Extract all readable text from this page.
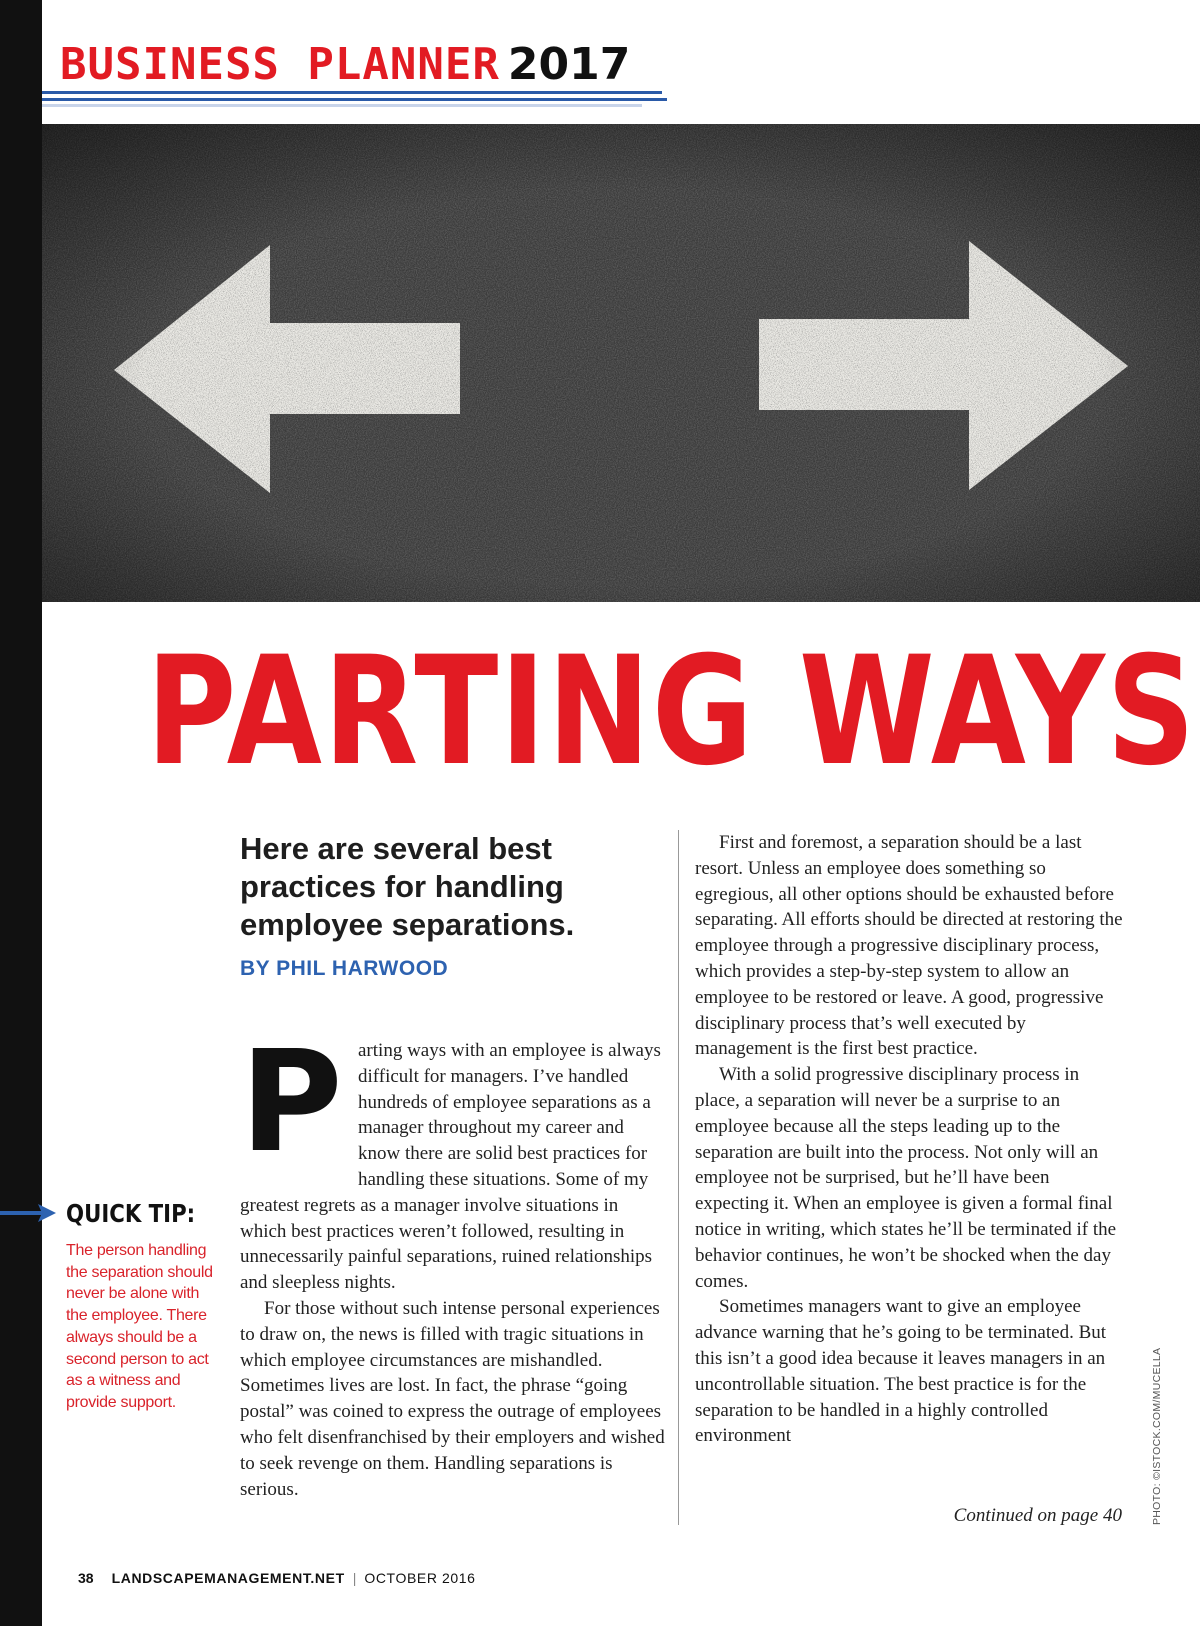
BUSINESS PLANNER 2017
PARTING WAYS
Here are several best practices for handling employee separations.
BY PHIL HARWOOD
P arting ways with an employee is always difficult for managers. I’ve handled hundreds of employee separations as a manager throughout my career and know there are solid best practices for handling these situations. Some of my greatest regrets as a manager involve situations in which best practices weren’t followed, resulting in unnecessarily painful separations, ruined relationships and sleepless nights.

For those without such intense personal experiences to draw on, the news is filled with tragic situations in which employee circumstances are mishandled. Sometimes lives are lost. In fact, the phrase “going postal” was coined to express the outrage of employees who felt disenfranchised by their employers and wished to seek revenge on them. Handling separations is serious.

First and foremost, a separation should be a last resort. Unless an employee does something so egregious, all other options should be exhausted before separating. All efforts should be directed at restoring the employee through a progressive disciplinary process, which provides a step-by-step system to allow an employee to be restored or leave. A good, progressive disciplinary process that’s well executed by management is the first best practice.

With a solid progressive disciplinary process in place, a separation will never be a surprise to an employee because all the steps leading up to the separation are built into the process. Not only will an employee not be surprised, but he’ll have been expecting it. When an employee is given a formal final notice in writing, which states he’ll be terminated if the behavior continues, he won’t be shocked when the day comes.

Sometimes managers want to give an employee advance warning that he’s going to be terminated. But this isn’t a good idea because it leaves managers in an uncontrollable situation. The best practice is for the separation to be handled in a highly controlled environment

Continued on page 40
QUICK TIP:
The person handling the separation should never be alone with the employee. There always should be a second person to act as a witness and provide support.	PHOTO: ©ISTOCK.COM/MUCELLA
38 LANDSCAPEMANAGEMENT.NET | OCTOBER 2016
